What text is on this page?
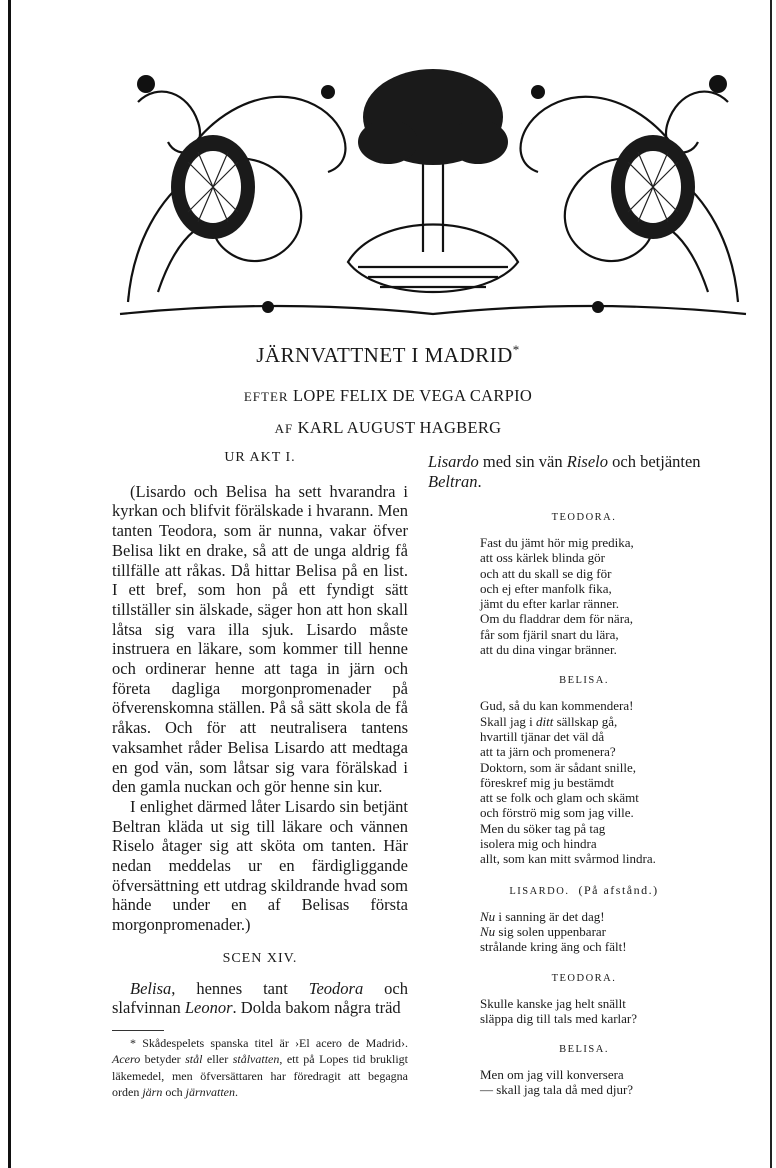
JÄRNVATTNET I MADRID*
EFTER LOPE FELIX DE VEGA CARPIO
AF KARL AUGUST HAGBERG
UR AKT I.

(Lisardo och Belisa ha sett hvarandra i kyrkan och blifvit förälskade i hvarann. Men tanten Teodora, som är nunna, vakar öfver Belisa likt en drake, så att de unga aldrig få tillfälle att råkas. Då hittar Belisa på en list. I ett bref, som hon på ett fyndigt sätt tillställer sin älskade, säger hon att hon skall låtsa sig vara illa sjuk. Lisardo måste instruera en läkare, som kommer till henne och ordinerar henne att taga in järn och företa dagliga morgonpromenader på öfverenskomna ställen. På så sätt skola de få råkas. Och för att neutralisera tantens vaksamhet råder Belisa Lisardo att medtaga en god vän, som låtsar sig vara förälskad i den gamla nuckan och gör henne sin kur.

I enlighet därmed låter Lisardo sin betjänt Beltran kläda ut sig till läkare och vännen Riselo åtager sig att sköta om tanten. Här nedan meddelas ur en färdigliggande öfversättning ett utdrag skildrande hvad som hände under en af Belisas första morgonpromenader.)

SCEN XIV.

Belisa, hennes tant Teodora och slafvinnan Leonor. Dolda bakom några träd

* Skådespelets spanska titel är ›El acero de Madrid›. Acero betyder stål eller stålvatten, ett på Lopes tid brukligt läkemedel, men öfversättaren har föredragit att begagna orden järn och järnvatten.

Lisardo med sin vän Riselo och betjänten Beltran.

TEODORA.
Fast du jämt hör mig predika,
att oss kärlek blinda gör
och att du skall se dig för
och ej efter manfolk fika,
jämt du efter karlar ränner.
Om du fladdrar dem för nära,
får som fjäril snart du lära,
att du dina vingar bränner.
BELISA.
Gud, så du kan kommendera!
Skall jag i ditt sällskap gå,
hvartill tjänar det väl då
att ta järn och promenera?
Doktorn, som är sådant snille,
föreskref mig ju bestämdt
att se folk och glam och skämt
och förströ mig som jag ville.
Men du söker tag på tag
isolera mig och hindra
allt, som kan mitt svårmod lindra.
LISARDO. (På afstånd.)
Nu i sanning är det dag!
Nu sig solen uppenbarar
strålande kring äng och fält!
TEODORA.
Skulle kanske jag helt snällt
släppa dig till tals med karlar?
BELISA.
Men om jag vill konversera
— skall jag tala då med djur?
